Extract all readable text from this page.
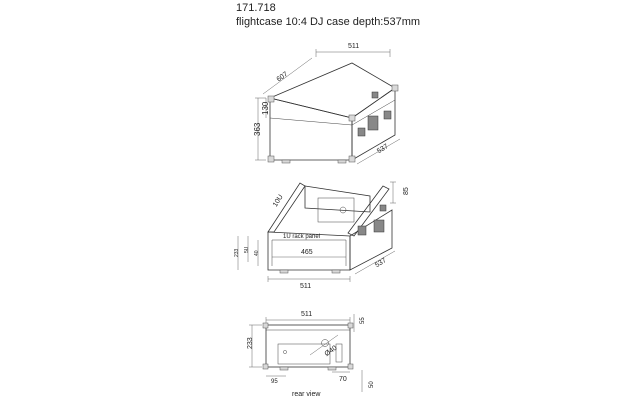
171.718
flightcase 10:4 DJ case depth:537mm
511
607
363
130
537
10U
85
1U rack panel
465
511
537
233 5U
40
511
55
Ø40
233
95	70
50
rear view
